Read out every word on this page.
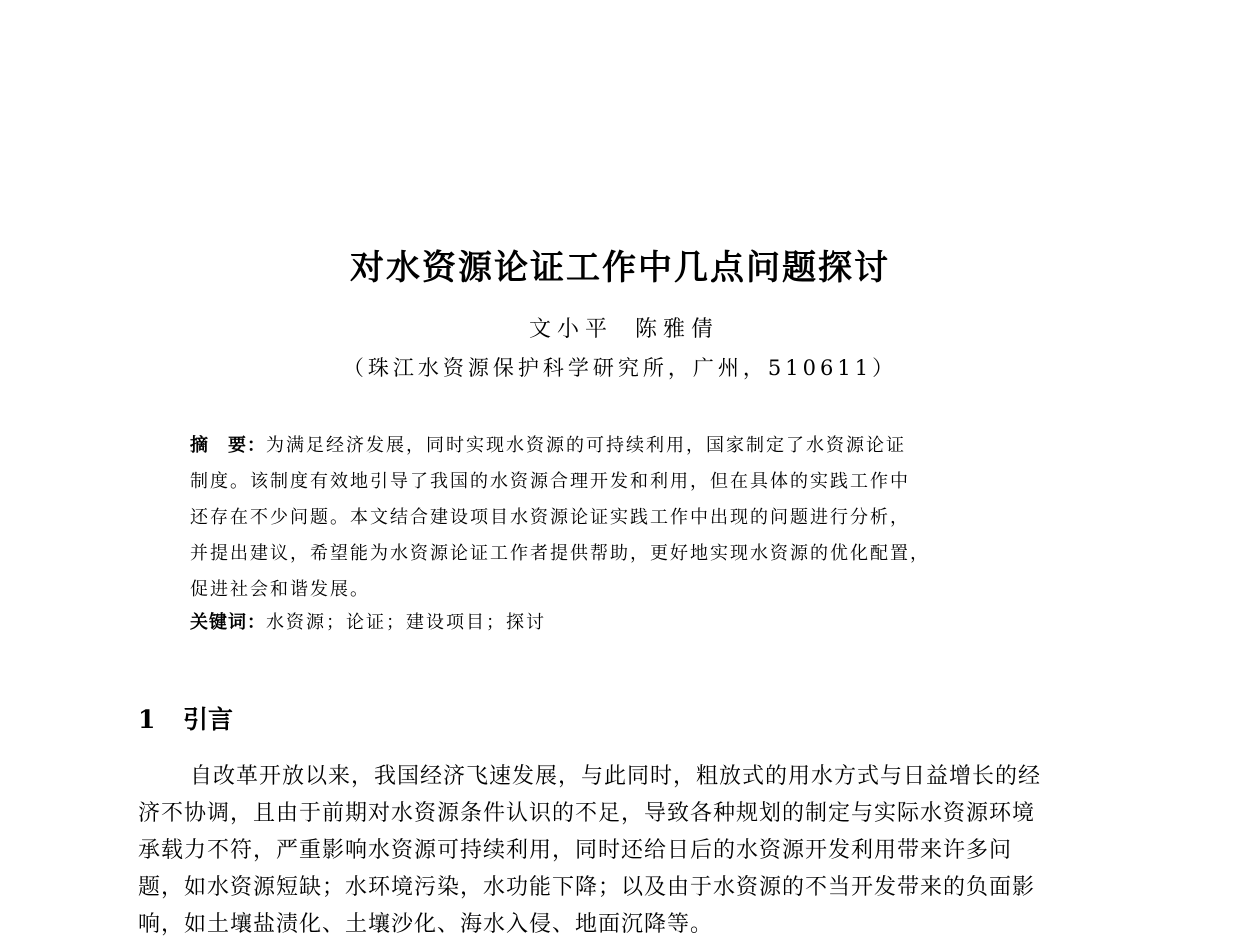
对水资源论证工作中几点问题探讨
文小平 陈雅倩
（珠江水资源保护科学研究所，广州，510611）
摘　要：为满足经济发展，同时实现水资源的可持续利用，国家制定了水资源论证
制度。该制度有效地引导了我国的水资源合理开发和利用，但在具体的实践工作中
还存在不少问题。本文结合建设项目水资源论证实践工作中出现的问题进行分析，
并提出建议，希望能为水资源论证工作者提供帮助，更好地实现水资源的优化配置，
促进社会和谐发展。
关键词：水资源；论证；建设项目；探讨
1 引言
自改革开放以来，我国经济飞速发展，与此同时，粗放式的用水方式与日益增长的经
济不协调，且由于前期对水资源条件认识的不足，导致各种规划的制定与实际水资源环境
承载力不符，严重影响水资源可持续利用，同时还给日后的水资源开发利用带来许多问
题，如水资源短缺；水环境污染，水功能下降；以及由于水资源的不当开发带来的负面影
响，如土壤盐渍化、土壤沙化、海水入侵、地面沉降等。
